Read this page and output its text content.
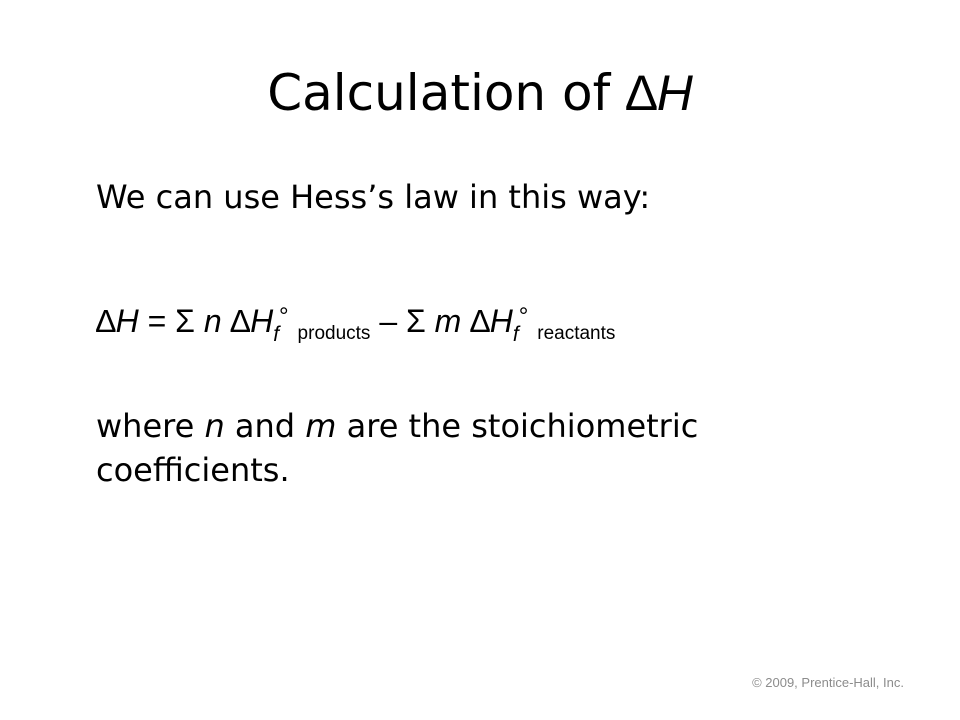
Calculation of ∆H
We can use Hess’s law in this way:
∆H = Σ n $\Delta H_f^\circ$ $_{products}$ – Σ m $\Delta H_f^\circ$ $_{reactants}$
where n and m are the stoichiometric coefficients.
© 2009, Prentice-Hall, Inc.
